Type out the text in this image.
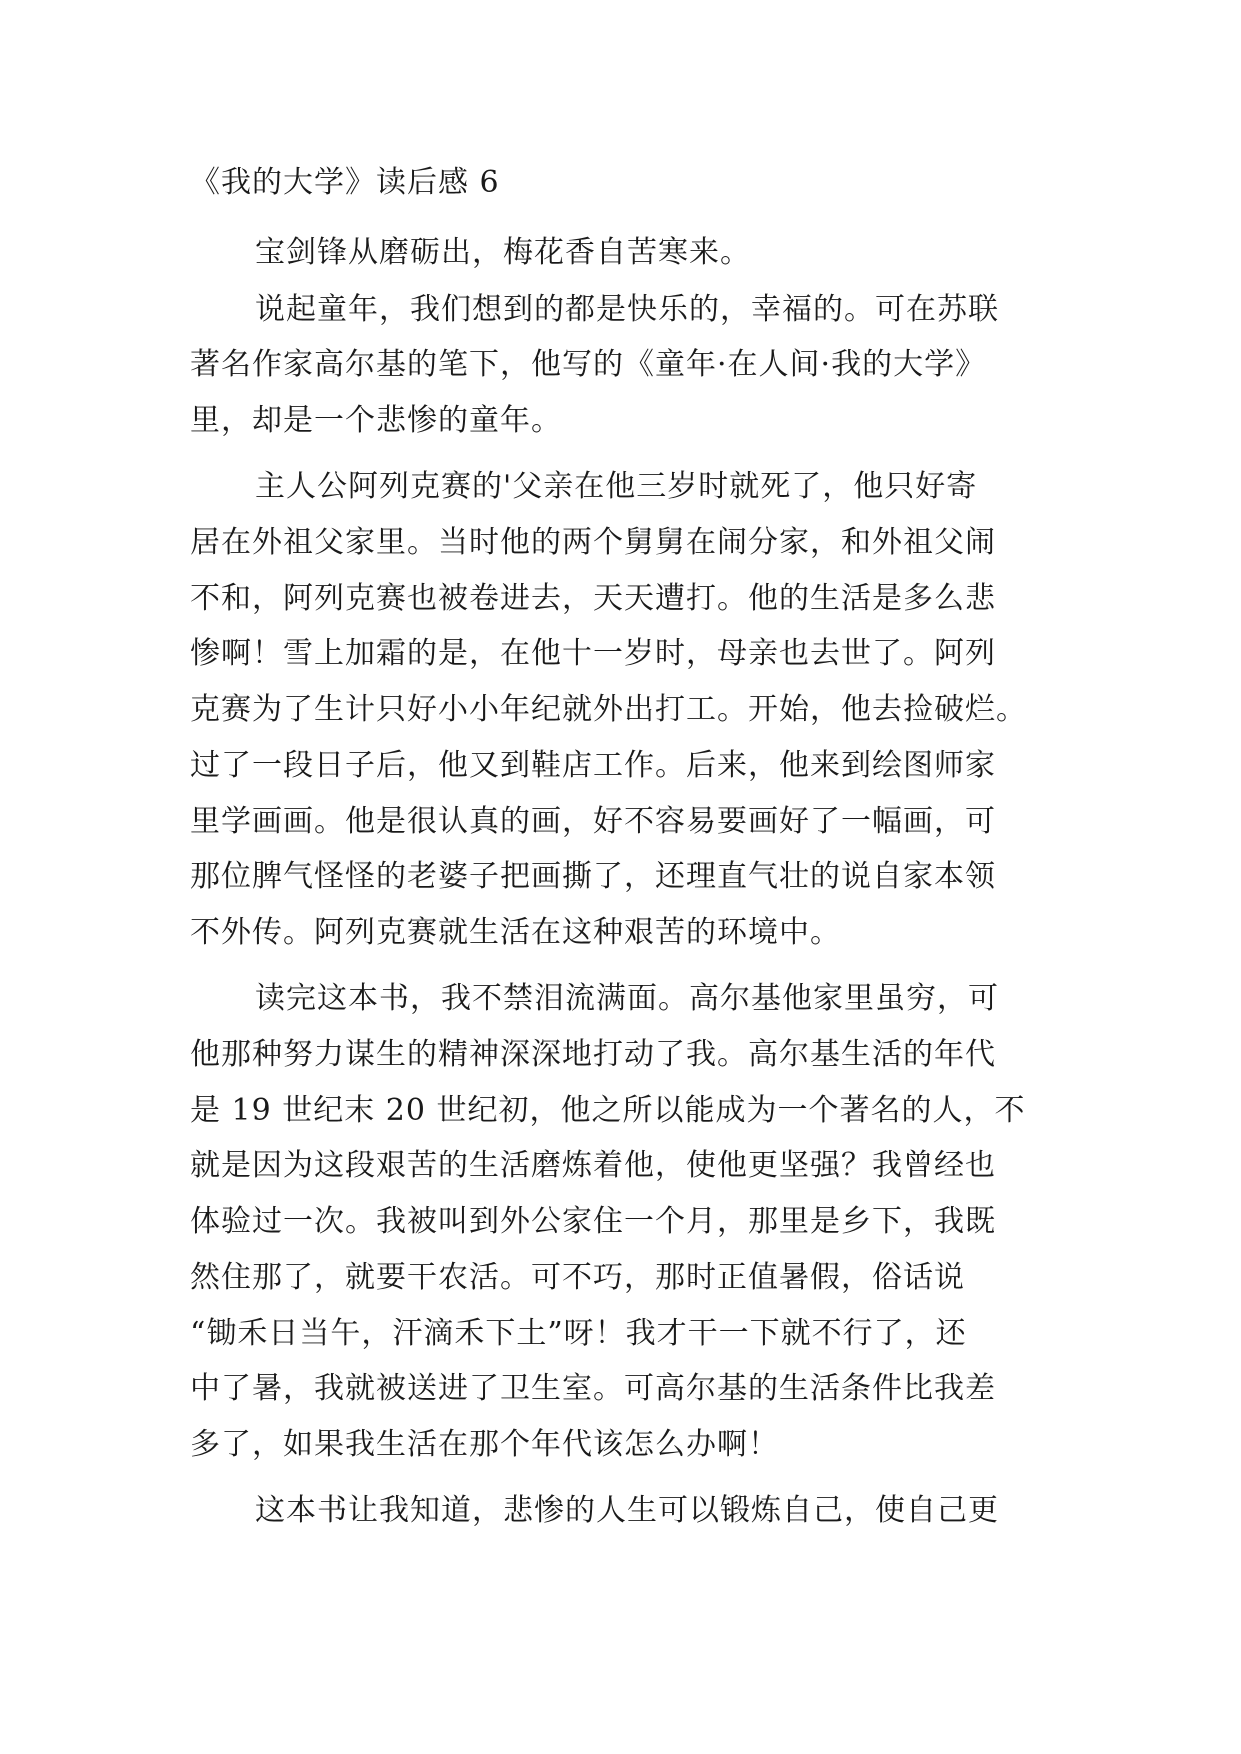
《我的大学》读后感 6
宝剑锋从磨砺出，梅花香自苦寒来。
说起童年，我们想到的都是快乐的，幸福的。可在苏联
著名作家高尔基的笔下，他写的《童年·在人间·我的大学》
里，却是一个悲惨的童年。
主人公阿列克赛的'父亲在他三岁时就死了，他只好寄
居在外祖父家里。当时他的两个舅舅在闹分家，和外祖父闹
不和，阿列克赛也被卷进去，天天遭打。他的生活是多么悲
惨啊！雪上加霜的是，在他十一岁时，母亲也去世了。阿列
克赛为了生计只好小小年纪就外出打工。开始，他去捡破烂。
过了一段日子后，他又到鞋店工作。后来，他来到绘图师家
里学画画。他是很认真的画，好不容易要画好了一幅画，可
那位脾气怪怪的老婆子把画撕了，还理直气壮的说自家本领
不外传。阿列克赛就生活在这种艰苦的环境中。
读完这本书，我不禁泪流满面。高尔基他家里虽穷，可
他那种努力谋生的精神深深地打动了我。高尔基生活的年代
是 19 世纪末 20 世纪初，他之所以能成为一个著名的人，不
就是因为这段艰苦的生活磨炼着他，使他更坚强？我曾经也
体验过一次。我被叫到外公家住一个月，那里是乡下，我既
然住那了，就要干农活。可不巧，那时正值暑假，俗话说
“锄禾日当午，汗滴禾下土”呀！我才干一下就不行了，还
中了暑，我就被送进了卫生室。可高尔基的生活条件比我差
多了，如果我生活在那个年代该怎么办啊！
这本书让我知道，悲惨的人生可以锻炼自己，使自己更
